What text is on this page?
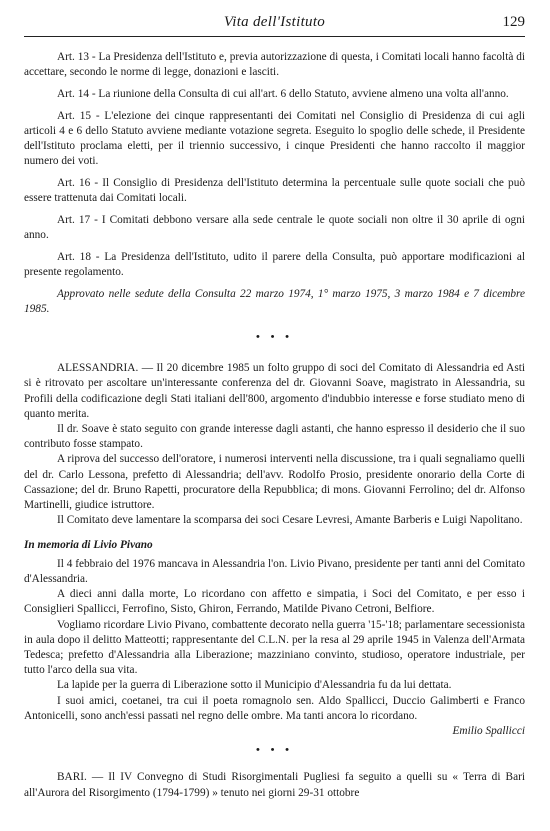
Vita dell'Istituto	129

Art. 13 - La Presidenza dell'Istituto e, previa autorizzazione di questa, i Comitati locali hanno facoltà di accettare, secondo le norme di legge, donazioni e lasciti.

Art. 14 - La riunione della Consulta di cui all'art. 6 dello Statuto, avviene almeno una volta all'anno.

Art. 15 - L'elezione dei cinque rappresentanti dei Comitati nel Consiglio di Presidenza di cui agli articoli 4 e 6 dello Statuto avviene mediante votazione segreta. Eseguito lo spoglio delle schede, il Presidente dell'Istituto proclama eletti, per il triennio successivo, i cinque Presidenti che hanno raccolto il maggior numero dei voti.

Art. 16 - Il Consiglio di Presidenza dell'Istituto determina la percentuale sulle quote sociali che può essere trattenuta dai Comitati locali.

Art. 17 - I Comitati debbono versare alla sede centrale le quote sociali non oltre il 30 aprile di ogni anno.

Art. 18 - La Presidenza dell'Istituto, udito il parere della Consulta, può apportare modificazioni al presente regolamento.

Approvato nelle sedute della Consulta 22 marzo 1974, 1° marzo 1975, 3 marzo 1984 e 7 dicembre 1985.

• • •

ALESSANDRIA. — Il 20 dicembre 1985 un folto gruppo di soci del Comitato di Alessandria ed Asti si è ritrovato per ascoltare un'interessante conferenza del dr. Giovanni Soave, magistrato in Alessandria, su Profili della codificazione degli Stati italiani dell'800, argomento d'indubbio interesse e forse studiato meno di quanto merita.

Il dr. Soave è stato seguito con grande interesse dagli astanti, che hanno espresso il desiderio che il suo contributo fosse stampato.

A riprova del successo dell'oratore, i numerosi interventi nella discussione, tra i quali segnaliamo quelli del dr. Carlo Lessona, prefetto di Alessandria; dell'avv. Rodolfo Prosio, presidente onorario della Corte di Cassazione; del dr. Bruno Rapetti, procuratore della Repubblica; di mons. Giovanni Ferrolino; del dr. Alfonso Martinelli, giudice istruttore.

Il Comitato deve lamentare la scomparsa dei soci Cesare Levresi, Amante Barberis e Luigi Napolitano.

In memoria di Livio Pivano

Il 4 febbraio del 1976 mancava in Alessandria l'on. Livio Pivano, presidente per tanti anni del Comitato d'Alessandria.

A dieci anni dalla morte, Lo ricordano con affetto e simpatia, i Soci del Comitato, e per esso i Consiglieri Spallicci, Ferrofino, Sisto, Ghiron, Ferrando, Matilde Pivano Cetroni, Belfiore.

Vogliamo ricordare Livio Pivano, combattente decorato nella guerra '15-'18; parlamentare secessionista in aula dopo il delitto Matteotti; rappresentante del C.L.N. per la resa al 29 aprile 1945 in Valenza dell'Armata Tedesca; prefetto d'Alessandria alla Liberazione; mazziniano convinto, studioso, operatore industriale, per tutto l'arco della sua vita.

La lapide per la guerra di Liberazione sotto il Municipio d'Alessandria fu da lui dettata.

I suoi amici, coetanei, tra cui il poeta romagnolo sen. Aldo Spallicci, Duccio Galimberti e Franco Antonicelli, sono anch'essi passati nel regno delle ombre. Ma tanti ancora lo ricordano.

Emilio Spallicci

• • •

BARI. — Il IV Convegno di Studi Risorgimentali Pugliesi fa seguito a quelli su « Terra di Bari all'Aurora del Risorgimento (1794-1799) » tenuto nei giorni 29-31 ottobre
